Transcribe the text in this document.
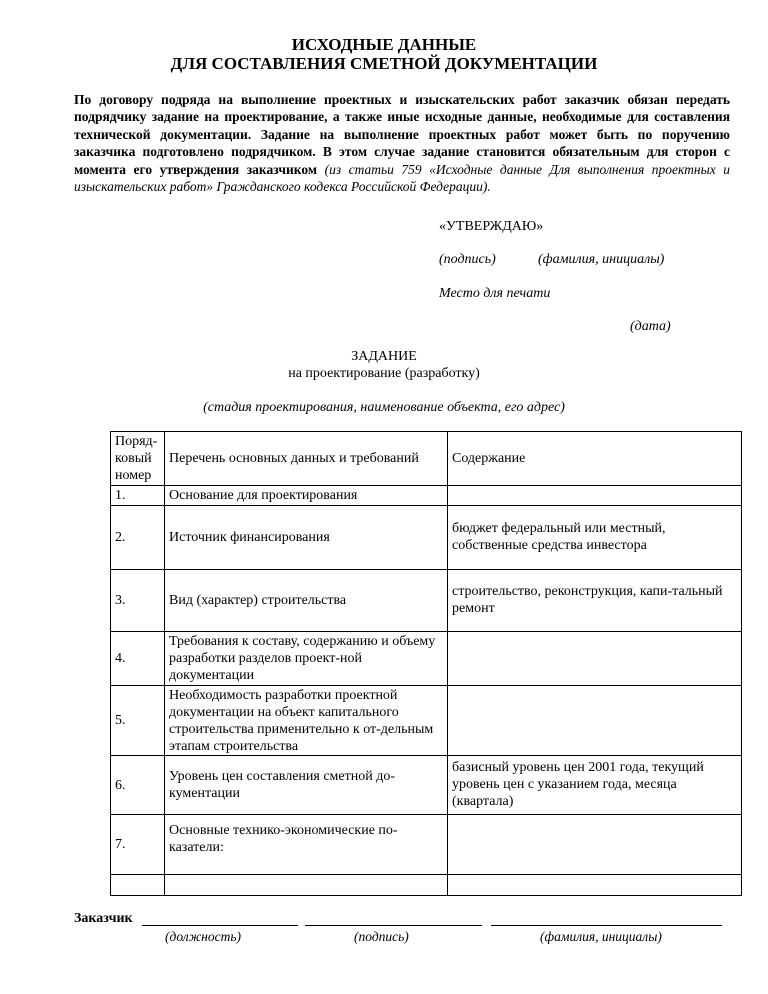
ИСХОДНЫЕ ДАННЫЕ
ДЛЯ СОСТАВЛЕНИЯ СМЕТНОЙ ДОКУМЕНТАЦИИ
По договору подряда на выполнение проектных и изыскательских работ заказчик обязан передать подрядчику задание на проектирование, а также иные исходные данные, необходимые для составления технической документации. Задание на выполнение проектных работ может быть по поручению заказчика подготовлено подрядчиком. В этом случае задание становится обязательным для сторон с момента его утверждения заказчиком (из статьи 759 «Исходные данные Для выполнения проектных и изыскательских работ» Гражданского кодекса Российской Федерации).
«УТВЕРЖДАЮ»
(подпись)	(фамилия, инициалы)
Место для печати
(дата)
ЗАДАНИЕ
на проектирование (разработку)
(стадия проектирования, наименование объекта, его адрес)
Поряд-ковый номер	Перечень основных данных и требований	Содержание
1.	Основание для проектирования	
2.	Источник финансирования	бюджет федеральный или местный, собственные средства инвестора
3.	Вид (характер) строительства	строительство, реконструкция, капи-тальный ремонт
4.	Требования к составу, содержанию и объему разработки разделов проект-ной документации	
5.	Необходимость разработки проектной документации на объект капитального строительства применительно к от-дельным этапам строительства	
6.	Уровень цен составления сметной до-кументации	базисный уровень цен 2001 года, текущий уровень цен с указанием года, месяца (квартала)
7.	Основные технико-экономические по-казатели:	

Заказчик
(должность)	(подпись)	(фамилия, инициалы)
